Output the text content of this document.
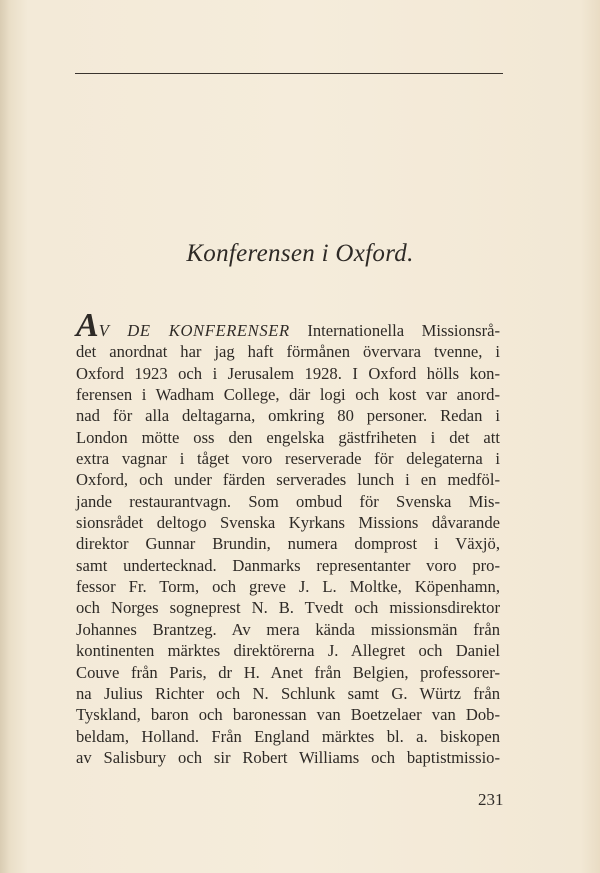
Konferensen i Oxford.
AV DE KONFERENSER Internationella Missionsrå-
det anordnat har jag haft förmånen övervara tvenne, i
Oxford 1923 och i Jerusalem 1928. I Oxford hölls kon-
ferensen i Wadham College, där logi och kost var anord-
nad för alla deltagarna, omkring 80 personer. Redan i
London mötte oss den engelska gästfriheten i det att
extra vagnar i tåget voro reserverade för delegaterna i
Oxford, och under färden serverades lunch i en medföl-
jande restaurantvagn. Som ombud för Svenska Mis-
sionsrådet deltogo Svenska Kyrkans Missions dåvarande
direktor Gunnar Brundin, numera domprost i Växjö,
samt undertecknad. Danmarks representanter voro pro-
fessor Fr. Torm, och greve J. L. Moltke, Köpenhamn,
och Norges sogneprest N. B. Tvedt och missionsdirektor
Johannes Brantzeg. Av mera kända missionsmän från
kontinenten märktes direktörerna J. Allegret och Daniel
Couve från Paris, dr H. Anet från Belgien, professorer-
na Julius Richter och N. Schlunk samt G. Würtz från
Tyskland, baron och baronessan van Boetzelaer van Dob-
beldam, Holland. Från England märktes bl. a. biskopen
av Salisbury och sir Robert Williams och baptistmissio-
231
